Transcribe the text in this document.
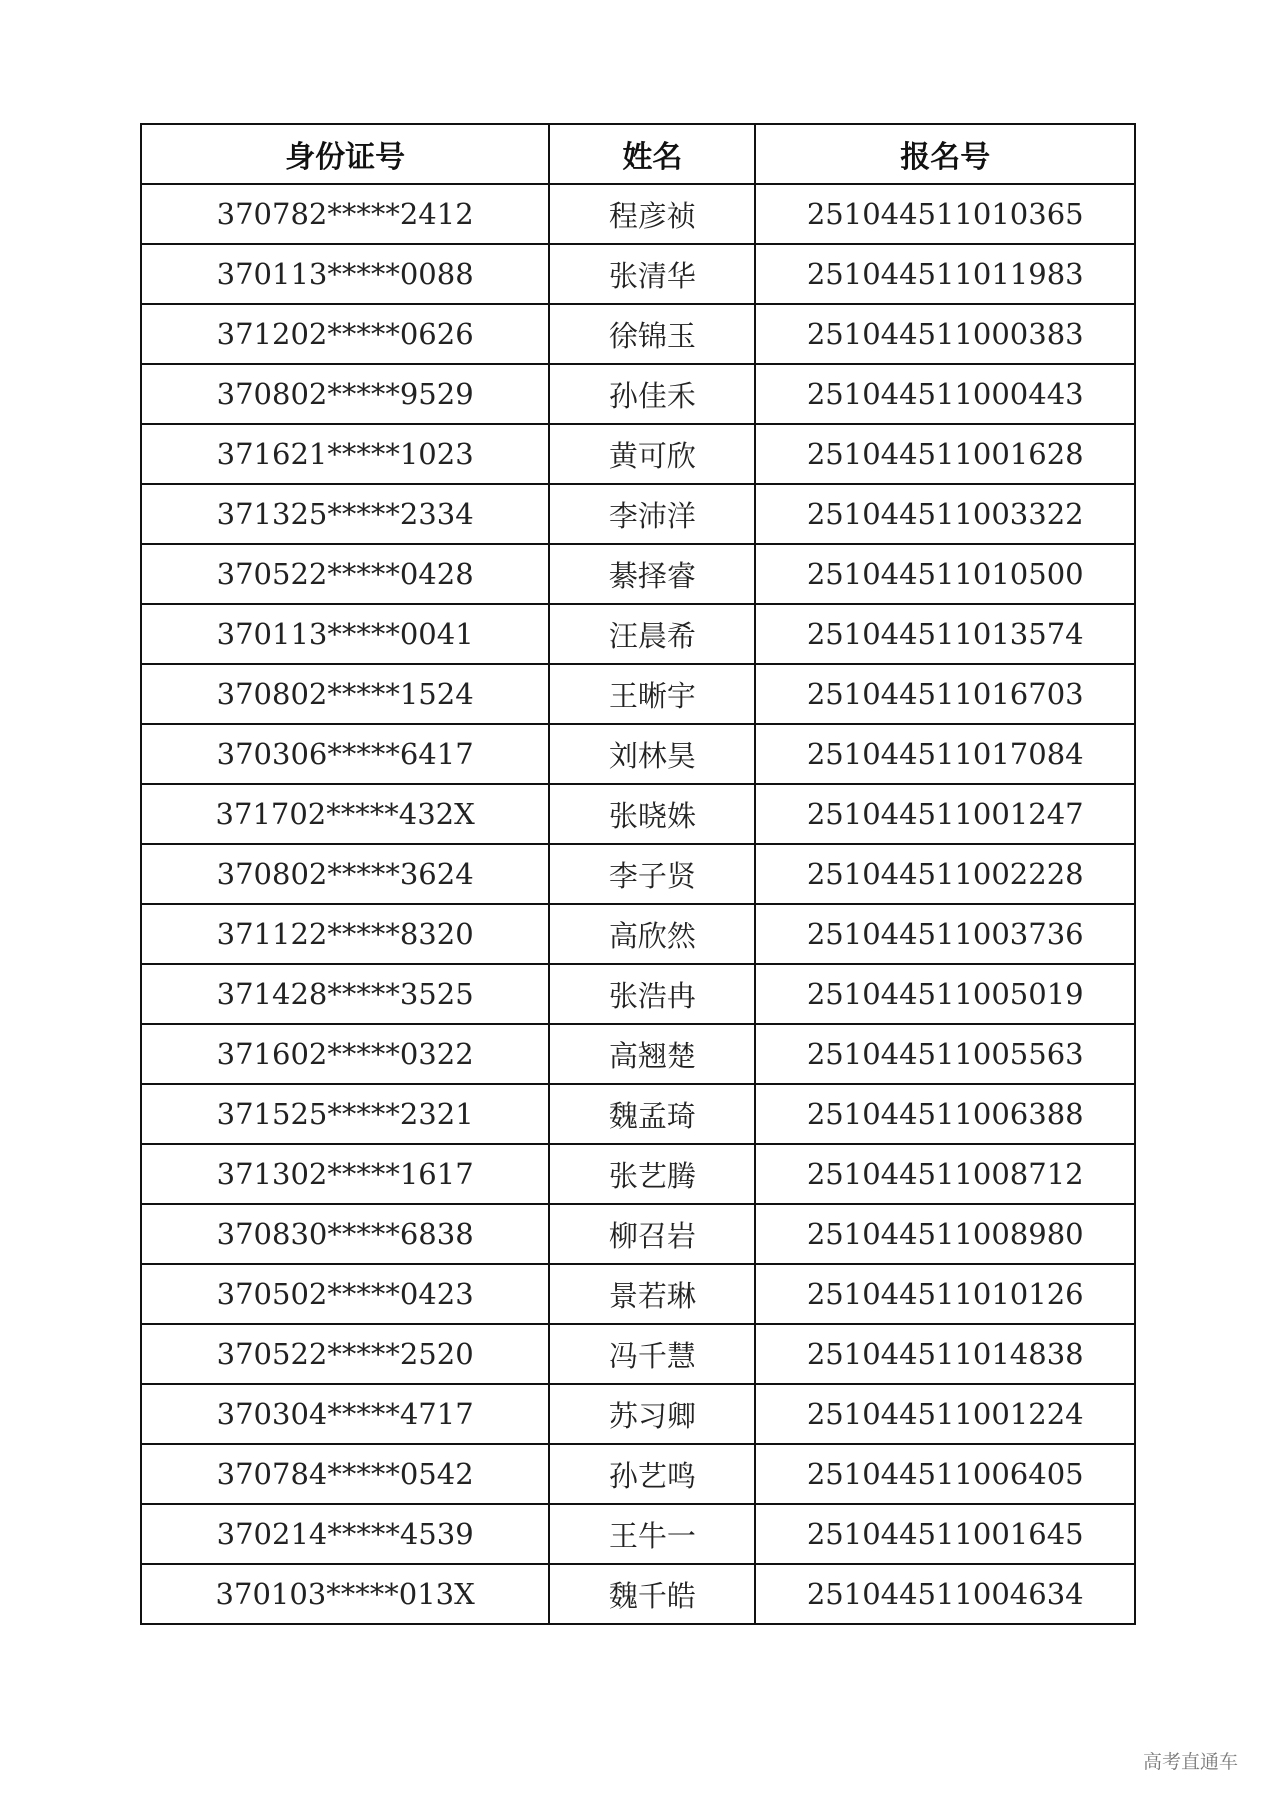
身份证号	姓名	报名号
370782*****2412	程彦祯	251044511010365
370113*****0088	张清华	251044511011983
371202*****0626	徐锦玉	251044511000383
370802*****9529	孙佳禾	251044511000443
371621*****1023	黄可欣	251044511001628
371325*****2334	李沛洋	251044511003322
370522*****0428	綦择睿	251044511010500
370113*****0041	汪晨希	251044511013574
370802*****1524	王晰宇	251044511016703
370306*****6417	刘林昊	251044511017084
371702*****432X	张晓姝	251044511001247
370802*****3624	李子贤	251044511002228
371122*****8320	高欣然	251044511003736
371428*****3525	张浩冉	251044511005019
371602*****0322	高翘楚	251044511005563
371525*****2321	魏孟琦	251044511006388
371302*****1617	张艺腾	251044511008712
370830*****6838	柳召岩	251044511008980
370502*****0423	景若琳	251044511010126
370522*****2520	冯千慧	251044511014838
370304*****4717	苏习卿	251044511001224
370784*****0542	孙艺鸣	251044511006405
370214*****4539	王牛一	251044511001645
370103*****013X	魏千皓	251044511004634
高考直通车
